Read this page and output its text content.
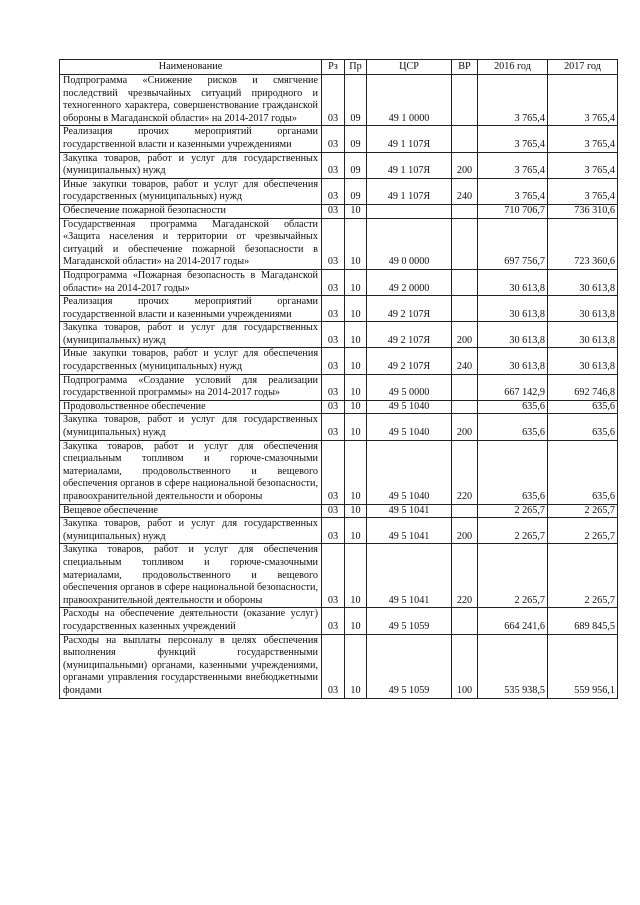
Наименование	Рз	Пр	ЦСР	ВР	2016 год	2017 год
Подпрограмма «Снижение рисков и смягчение последствий чрезвычайных ситуаций природного и техногенного характера, совершенствование гражданской обороны в Магаданской области» на 2014-2017 годы»	03	09	49 1 0000		3 765,4	3 765,4
Реализация прочих мероприятий органами государственной власти и казенными учреждениями	03	09	49 1 107Я		3 765,4	3 765,4
Закупка товаров, работ и услуг для государственных (муниципальных) нужд	03	09	49 1 107Я	200	3 765,4	3 765,4
Иные закупки товаров, работ и услуг для обеспечения государственных (муниципальных) нужд	03	09	49 1 107Я	240	3 765,4	3 765,4
Обеспечение пожарной безопасности	03	10			710 706,7	736 310,6
Государственная программа Магаданской области «Защита населения и территории от чрезвычайных ситуаций и обеспечение пожарной безопасности в Магаданской области» на 2014-2017 годы»	03	10	49 0 0000		697 756,7	723 360,6
Подпрограмма «Пожарная безопасность в Магаданской области» на 2014-2017 годы»	03	10	49 2 0000		30 613,8	30 613,8
Реализация прочих мероприятий органами государственной власти и казенными учреждениями	03	10	49 2 107Я		30 613,8	30 613,8
Закупка товаров, работ и услуг для государственных (муниципальных) нужд	03	10	49 2 107Я	200	30 613,8	30 613,8
Иные закупки товаров, работ и услуг для обеспечения государственных (муниципальных) нужд	03	10	49 2 107Я	240	30 613,8	30 613,8
Подпрограмма «Создание условий для реализации государственной программы» на 2014-2017 годы»	03	10	49 5 0000		667 142,9	692 746,8
Продовольственное обеспечение	03	10	49 5 1040		635,6	635,6
Закупка товаров, работ и услуг для государственных (муниципальных) нужд	03	10	49 5 1040	200	635,6	635,6
Закупка товаров, работ и услуг для обеспечения специальным топливом и горюче-смазочными материалами, продовольственного и вещевого обеспечения органов в сфере национальной безопасности, правоохранительной деятельности и обороны	03	10	49 5 1040	220	635,6	635,6
Вещевое обеспечение	03	10	49 5 1041		2 265,7	2 265,7
Закупка товаров, работ и услуг для государственных (муниципальных) нужд	03	10	49 5 1041	200	2 265,7	2 265,7
Закупка товаров, работ и услуг для обеспечения специальным топливом и горюче-смазочными материалами, продовольственного и вещевого обеспечения органов в сфере национальной безопасности, правоохранительной деятельности и обороны	03	10	49 5 1041	220	2 265,7	2 265,7
Расходы на обеспечение деятельности (оказание услуг) государственных казенных учреждений	03	10	49 5 1059		664 241,6	689 845,5
Расходы на выплаты персоналу в целях обеспечения выполнения функций государственными (муниципальными) органами, казенными учреждениями, органами управления государственными внебюджетными фондами	03	10	49 5 1059	100	535 938,5	559 956,1
